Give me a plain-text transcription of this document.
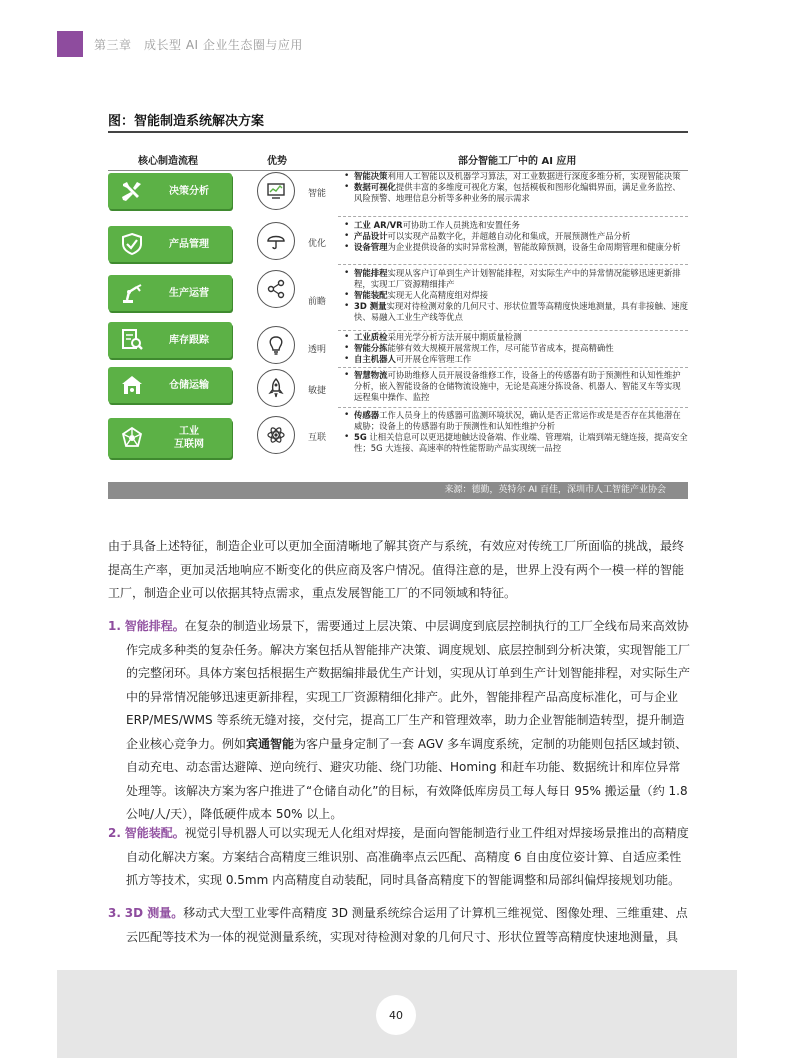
第三章　成长型 AI 企业生态圈与应用
图：智能制造系统解决方案
核心制造流程	优势	部分智能工厂中的 AI 应用
决策分析
产品管理
生产运营
库存跟踪
仓储运输
工业
互联网
智能
优化
前瞻
透明
敏捷
互联
• 智能决策利用人工智能以及机器学习算法，对工业数据进行深度多维分析，实现智能决策
• 数据可视化提供丰富的多维度可视化方案，包括模板和图形化编辑界面，满足业务监控、风险预警、地理信息分析等多种业务的展示需求
• 工业 AR/VR可协助工作人员挑选和安置任务
• 产品设计可以实现产品数字化，并超越自动化和集成，开展预测性产品分析
• 设备管理为企业提供设备的实时异常检测，智能故障预测，设备生命周期管理和健康分析
• 智能排程实现从客户订单到生产计划智能排程，对实际生产中的异常情况能够迅速更新排程，实现工厂资源精细排产
• 智能装配实现无人化高精度组对焊接
• 3D 测量实现对待检测对象的几何尺寸、形状位置等高精度快速地测量，具有非接触、速度快、易融入工业生产线等优点
• 工业质检采用光学分析方法开展中期质量检测
• 智能分拣能够有效大规模开展常规工作，尽可能节省成本，提高精确性
• 自主机器人可开展仓库管理工作
• 智慧物流可协助维修人员开展设备维修工作，设备上的传感器有助于预测性和认知性维护分析，嵌入智能设备的仓储物流设施中，无论是高速分拣设备、机器人、智能叉车等实现远程集中操作、监控
• 传感器工作人员身上的传感器可监测环境状况，确认是否正常运作或是是否存在其他潜在威胁；设备上的传感器有助于预测性和认知性维护分析
• 5G 让相关信息可以更迅捷地触达设备端、作业端、管理端，让端到端无缝连接，提高安全性；5G 大连接、高速率的特性能帮助产品实现统一品控
来源：德勤，英特尔 AI 百佳，深圳市人工智能产业协会

由于具备上述特征，制造企业可以更加全面清晰地了解其资产与系统，有效应对传统工厂所面临的挑战，最终提高生产率，更加灵活地响应不断变化的供应商及客户情况。值得注意的是，世界上没有两个一模一样的智能工厂，制造企业可以依据其特点需求，重点发展智能工厂的不同领域和特征。

1. 智能排程。在复杂的制造业场景下，需要通过上层决策、中层调度到底层控制执行的工厂全线布局来高效协作完成多种类的复杂任务。解决方案包括从智能排产决策、调度规划、底层控制到分析决策，实现智能工厂的完整闭环。具体方案包括根据生产数据编排最优生产计划，实现从订单到生产计划智能排程，对实际生产中的异常情况能够迅速更新排程，实现工厂资源精细化排产。此外，智能排程产品高度标准化，可与企业 ERP/MES/WMS 等系统无缝对接，交付完，提高工厂生产和管理效率，助力企业智能制造转型，提升制造企业核心竞争力。例如宾通智能为客户量身定制了一套 AGV 多车调度系统，定制的功能则包括区域封锁、自动充电、动态雷达避障、逆向统行、避灾功能、绕门功能、Homing 和赶车功能、数据统计和库位异常处理等。该解决方案为客户推进了“仓储自动化”的目标，有效降低库房员工每人每日 95% 搬运量（约 1.8 公吨/人/天），降低硬件成本 50% 以上。

2. 智能装配。视觉引导机器人可以实现无人化组对焊接，是面向智能制造行业工件组对焊接场景推出的高精度自动化解决方案。方案结合高精度三维识别、高准确率点云匹配、高精度 6 自由度位姿计算、自适应柔性抓方等技术，实现 0.5mm 内高精度自动装配，同时具备高精度下的智能调整和局部纠偏焊接规划功能。

3. 3D 测量。移动式大型工业零件高精度 3D 测量系统综合运用了计算机三维视觉、图像处理、三维重建、点云匹配等技术为一体的视觉测量系统，实现对待检测对象的几何尺寸、形状位置等高精度快速地测量，具

40
